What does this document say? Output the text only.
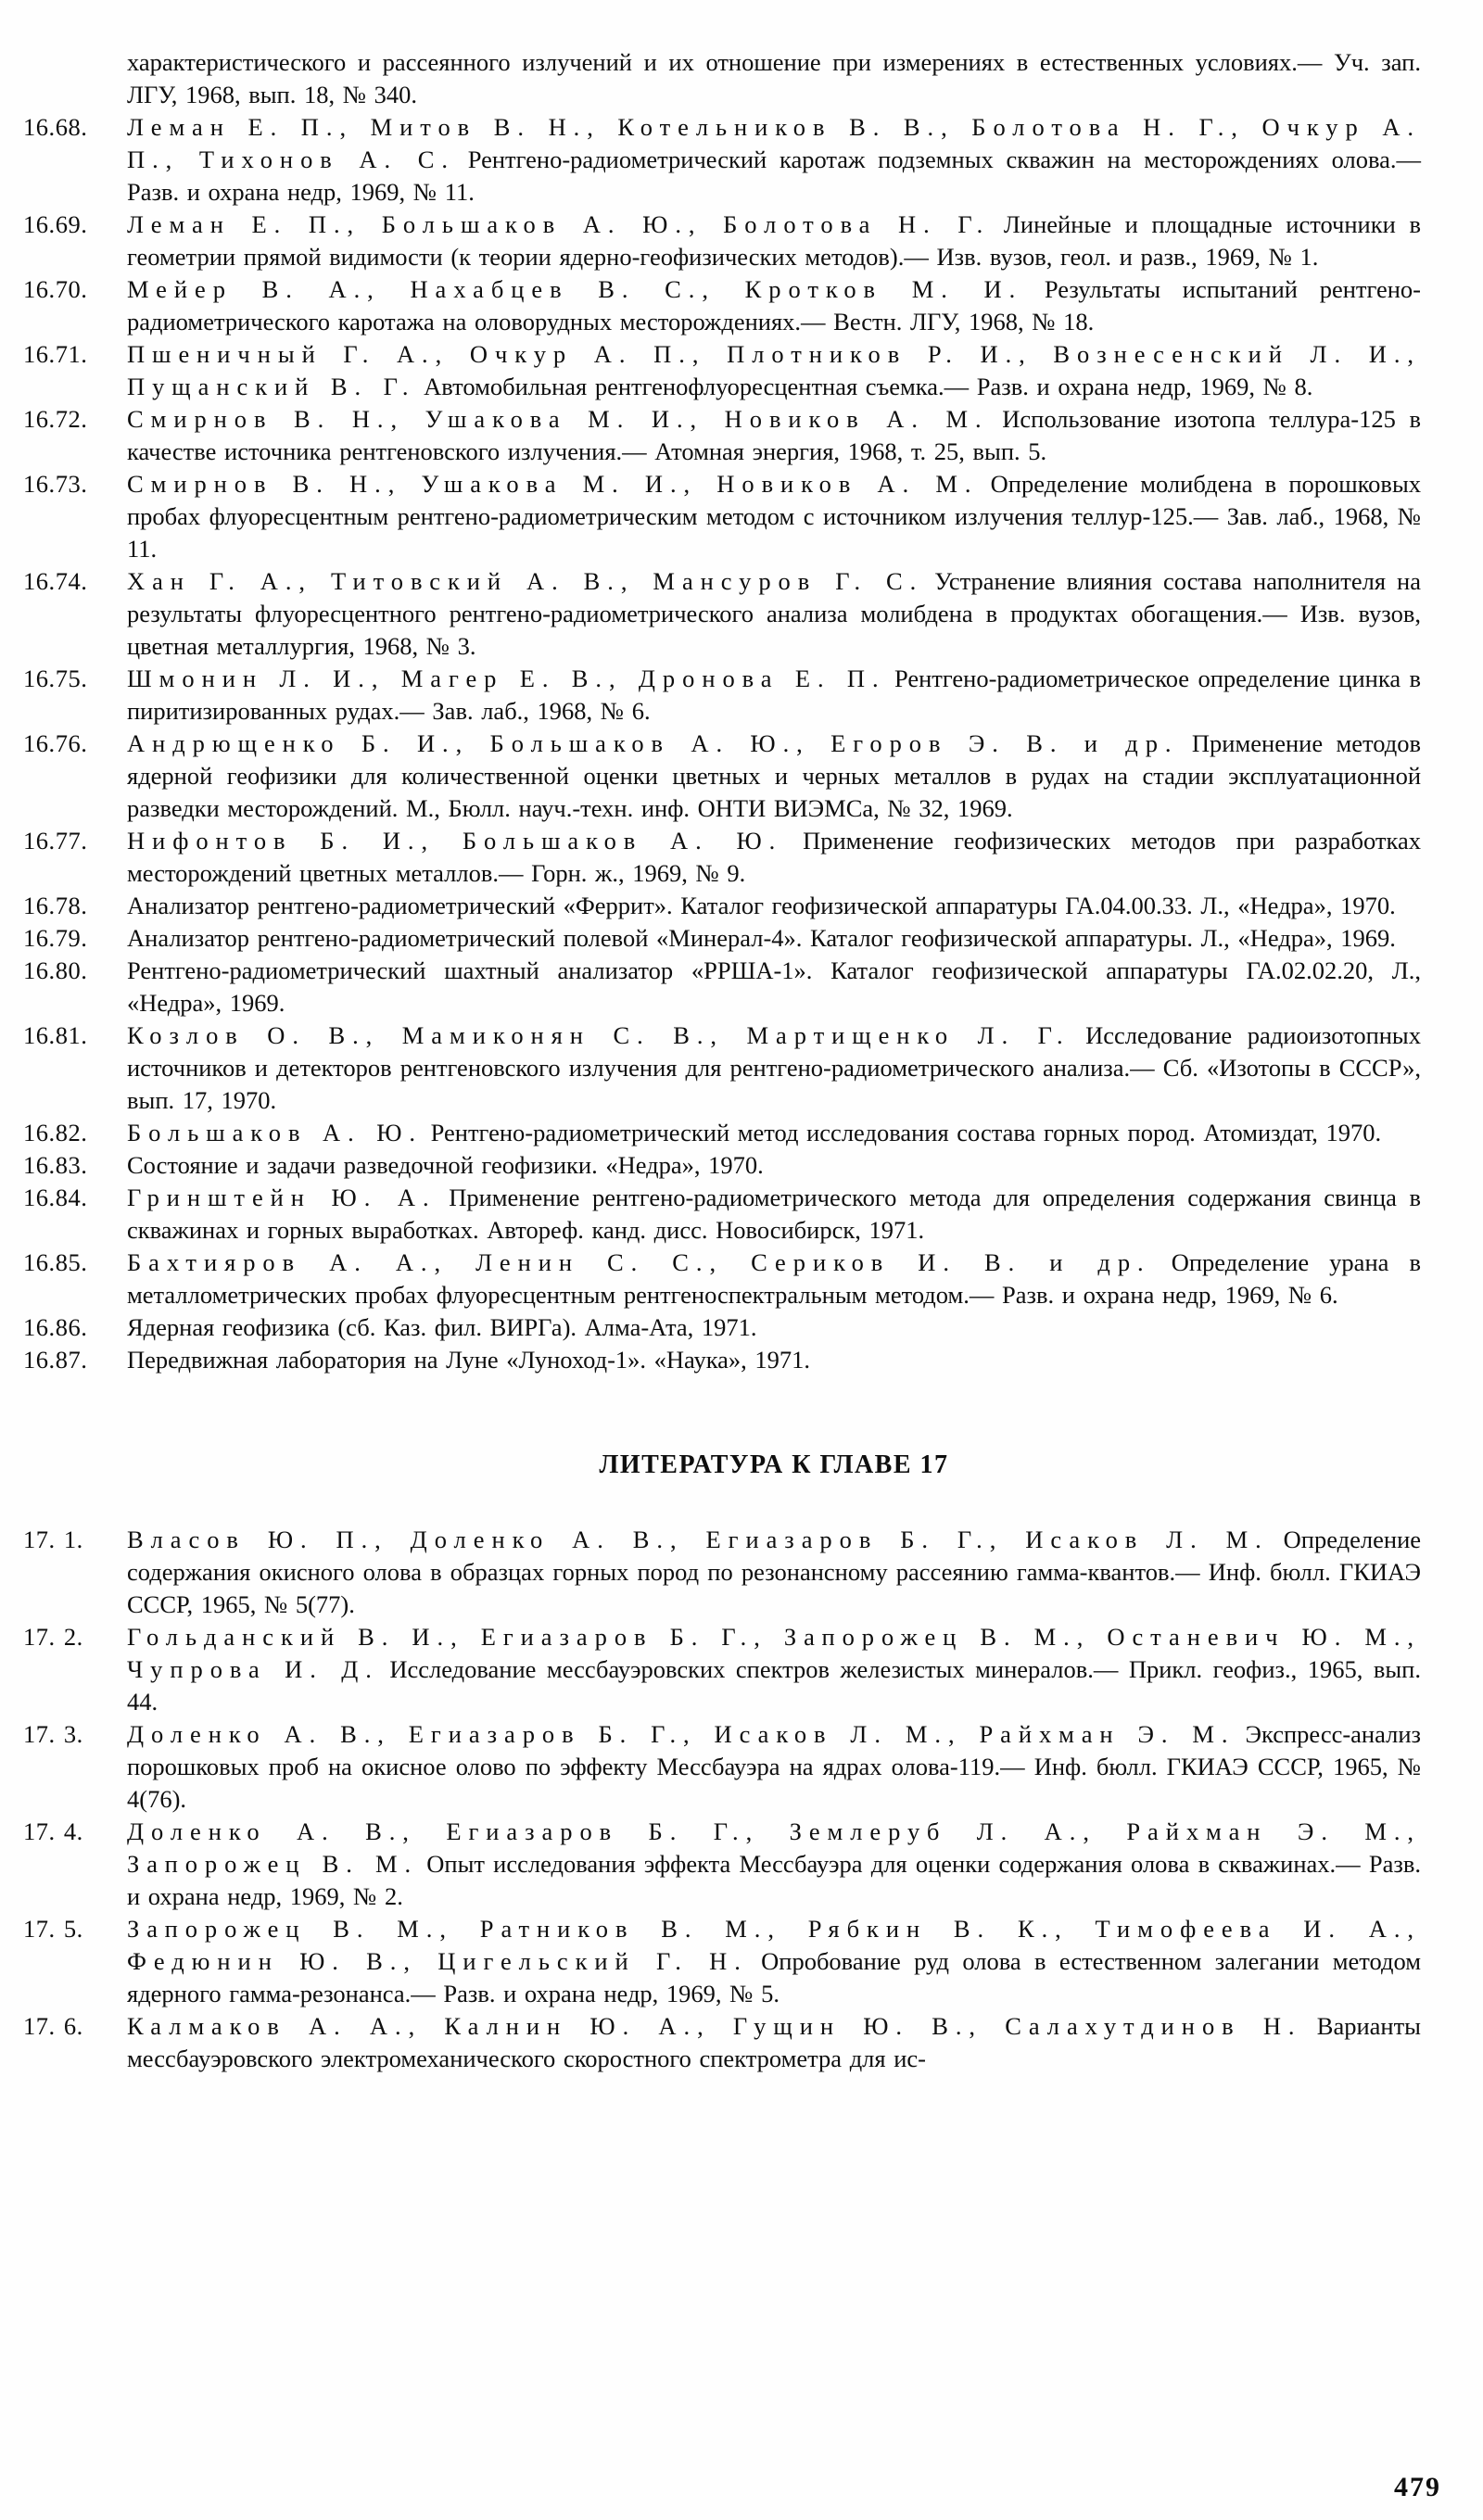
характеристического и рассеянного излучений и их отношение при измерениях в естественных условиях.— Уч. зап. ЛГУ, 1968, вып. 18, № 340.

16.68. Леман Е. П., Митов В. Н., Котельников В. В., Болотова Н. Г., Очкур А. П., Тихонов А. С. Рентгено-радиометрический каротаж подземных скважин на месторождениях олова.— Разв. и охрана недр, 1969, № 11.
16.69. Леман Е. П., Большаков А. Ю., Болотова Н. Г. Линейные и площадные источники в геометрии прямой видимости (к теории ядерно-геофизических методов).— Изв. вузов, геол. и разв., 1969, № 1.
16.70. Мейер В. А., Нахабцев В. С., Кротков М. И. Результаты испытаний рентгено-радиометрического каротажа на оловорудных месторождениях.— Вестн. ЛГУ, 1968, № 18.
16.71. Пшеничный Г. А., Очкур А. П., Плотников Р. И., Вознесенский Л. И., Пущанский В. Г. Автомобильная рентгенофлуоресцентная съемка.— Разв. и охрана недр, 1969, № 8.
16.72. Смирнов В. Н., Ушакова М. И., Новиков А. М. Использование изотопа теллура-125 в качестве источника рентгеновского излучения.— Атомная энергия, 1968, т. 25, вып. 5.
16.73. Смирнов В. Н., Ушакова М. И., Новиков А. М. Определение молибдена в порошковых пробах флуоресцентным рентгено-радиометрическим методом с источником излучения теллур-125.— Зав. лаб., 1968, № 11.
16.74. Хан Г. А., Титовский А. В., Мансуров Г. С. Устранение влияния состава наполнителя на результаты флуоресцентного рентгено-радиометрического анализа молибдена в продуктах обогащения.— Изв. вузов, цветная металлургия, 1968, № 3.
16.75. Шмонин Л. И., Магер Е. В., Дронова Е. П. Рентгено-радиометрическое определение цинка в пиритизированных рудах.— Зав. лаб., 1968, № 6.
16.76. Андрющенко Б. И., Большаков А. Ю., Егоров Э. В. и др. Применение методов ядерной геофизики для количественной оценки цветных и черных металлов в рудах на стадии эксплуатационной разведки месторождений. М., Бюлл. науч.-техн. инф. ОНТИ ВИЭМСа, № 32, 1969.
16.77. Нифонтов Б. И., Большаков А. Ю. Применение геофизических методов при разработках месторождений цветных металлов.— Горн. ж., 1969, № 9.
16.78. Анализатор рентгено-радиометрический «Феррит». Каталог геофизической аппаратуры ГА.04.00.33. Л., «Недра», 1970.
16.79. Анализатор рентгено-радиометрический полевой «Минерал-4». Каталог геофизической аппаратуры. Л., «Недра», 1969.
16.80. Рентгено-радиометрический шахтный анализатор «РРША-1». Каталог геофизической аппаратуры ГА.02.02.20, Л., «Недра», 1969.
16.81. Козлов О. В., Мамиконян С. В., Мартищенко Л. Г. Исследование радиоизотопных источников и детекторов рентгеновского излучения для рентгено-радиометрического анализа.— Сб. «Изотопы в СССР», вып. 17, 1970.
16.82. Большаков А. Ю. Рентгено-радиометрический метод исследования состава горных пород. Атомиздат, 1970.
16.83. Состояние и задачи разведочной геофизики. «Недра», 1970.
16.84. Гринштейн Ю. А. Применение рентгено-радиометрического метода для определения содержания свинца в скважинах и горных выработках. Автореф. канд. дисс. Новосибирск, 1971.
16.85. Бахтияров А. А., Ленин С. С., Сериков И. В. и др. Определение урана в металлометрических пробах флуоресцентным рентгеноспектральным методом.— Разв. и охрана недр, 1969, № 6.
16.86. Ядерная геофизика (сб. Каз. фил. ВИРГа). Алма-Ата, 1971.
16.87. Передвижная лаборатория на Луне «Луноход-1». «Наука», 1971.
ЛИТЕРАТУРА К ГЛАВЕ 17
17. 1. Власов Ю. П., Доленко А. В., Егиазаров Б. Г., Исаков Л. М. Определение содержания окисного олова в образцах горных пород по резонансному рассеянию гамма-квантов.— Инф. бюлл. ГКИАЭ СССР, 1965, № 5(77).
17. 2. Гольданский В. И., Егиазаров Б. Г., Запорожец В. М., Останевич Ю. М., Чупрова И. Д. Исследование мессбауэровских спектров железистых минералов.— Прикл. геофиз., 1965, вып. 44.
17. 3. Доленко А. В., Егиазаров Б. Г., Исаков Л. М., Райхман Э. М. Экспресс-анализ порошковых проб на окисное олово по эффекту Мессбауэра на ядрах олова-119.— Инф. бюлл. ГКИАЭ СССР, 1965, № 4(76).
17. 4. Доленко А. В., Егиазаров Б. Г., Землеруб Л. А., Райхман Э. М., Запорожец В. М. Опыт исследования эффекта Мессбауэра для оценки содержания олова в скважинах.— Разв. и охрана недр, 1969, № 2.
17. 5. Запорожец В. М., Ратников В. М., Рябкин В. К., Тимофеева И. А., Федюнин Ю. В., Цигельский Г. Н. Опробование руд олова в естественном залегании методом ядерного гамма-резонанса.— Разв. и охрана недр, 1969, № 5.
17. 6. Калмаков А. А., Калнин Ю. А., Гущин Ю. В., Салахутдинов Н. Варианты мессбауэровского электромеханического скоростного спектрометра для ис-
479
